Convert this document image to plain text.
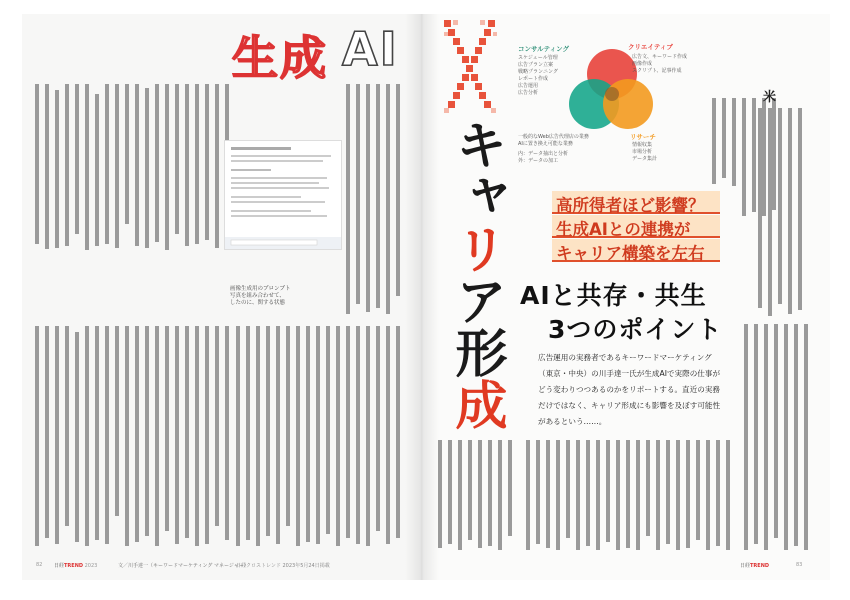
生成 AI
画像生成用のプロンプト
写真を組み合わせて、
したのに、関する状態
82 日経TREND 2023	文／川手達一（キーワードマーケティング マネージャー）
日経クロストレンド 2023年5月24日掲載
キャ
リ
ア形
成
コンサルティング	クリエイティブ
リサーチ
スケジュール管理
広告プラン立案
戦略プランニング
レポート作成
広告運用
広告分析
広告文、キーワード作成
画像作成
スクリプト、記事作成
情報収集
市場分析
データ集計
一般的なWeb広告代理店の業務
AIに置き換え可能な業務
内：データ抽出と分析
外：データの加工
米
高所得者ほど影響？
生成AIとの連携が
キャリア構築を左右
AIと共存・共生
3つのポイント
広告運用の実務者であるキーワードマーケティング（東京・中央）の川手達一氏が生成AIで実際の仕事がどう変わりつつあるのかをリポートする。直近の実務だけではなく、キャリア形成にも影響を及ぼす可能性があるという……。
日経TREND	83
